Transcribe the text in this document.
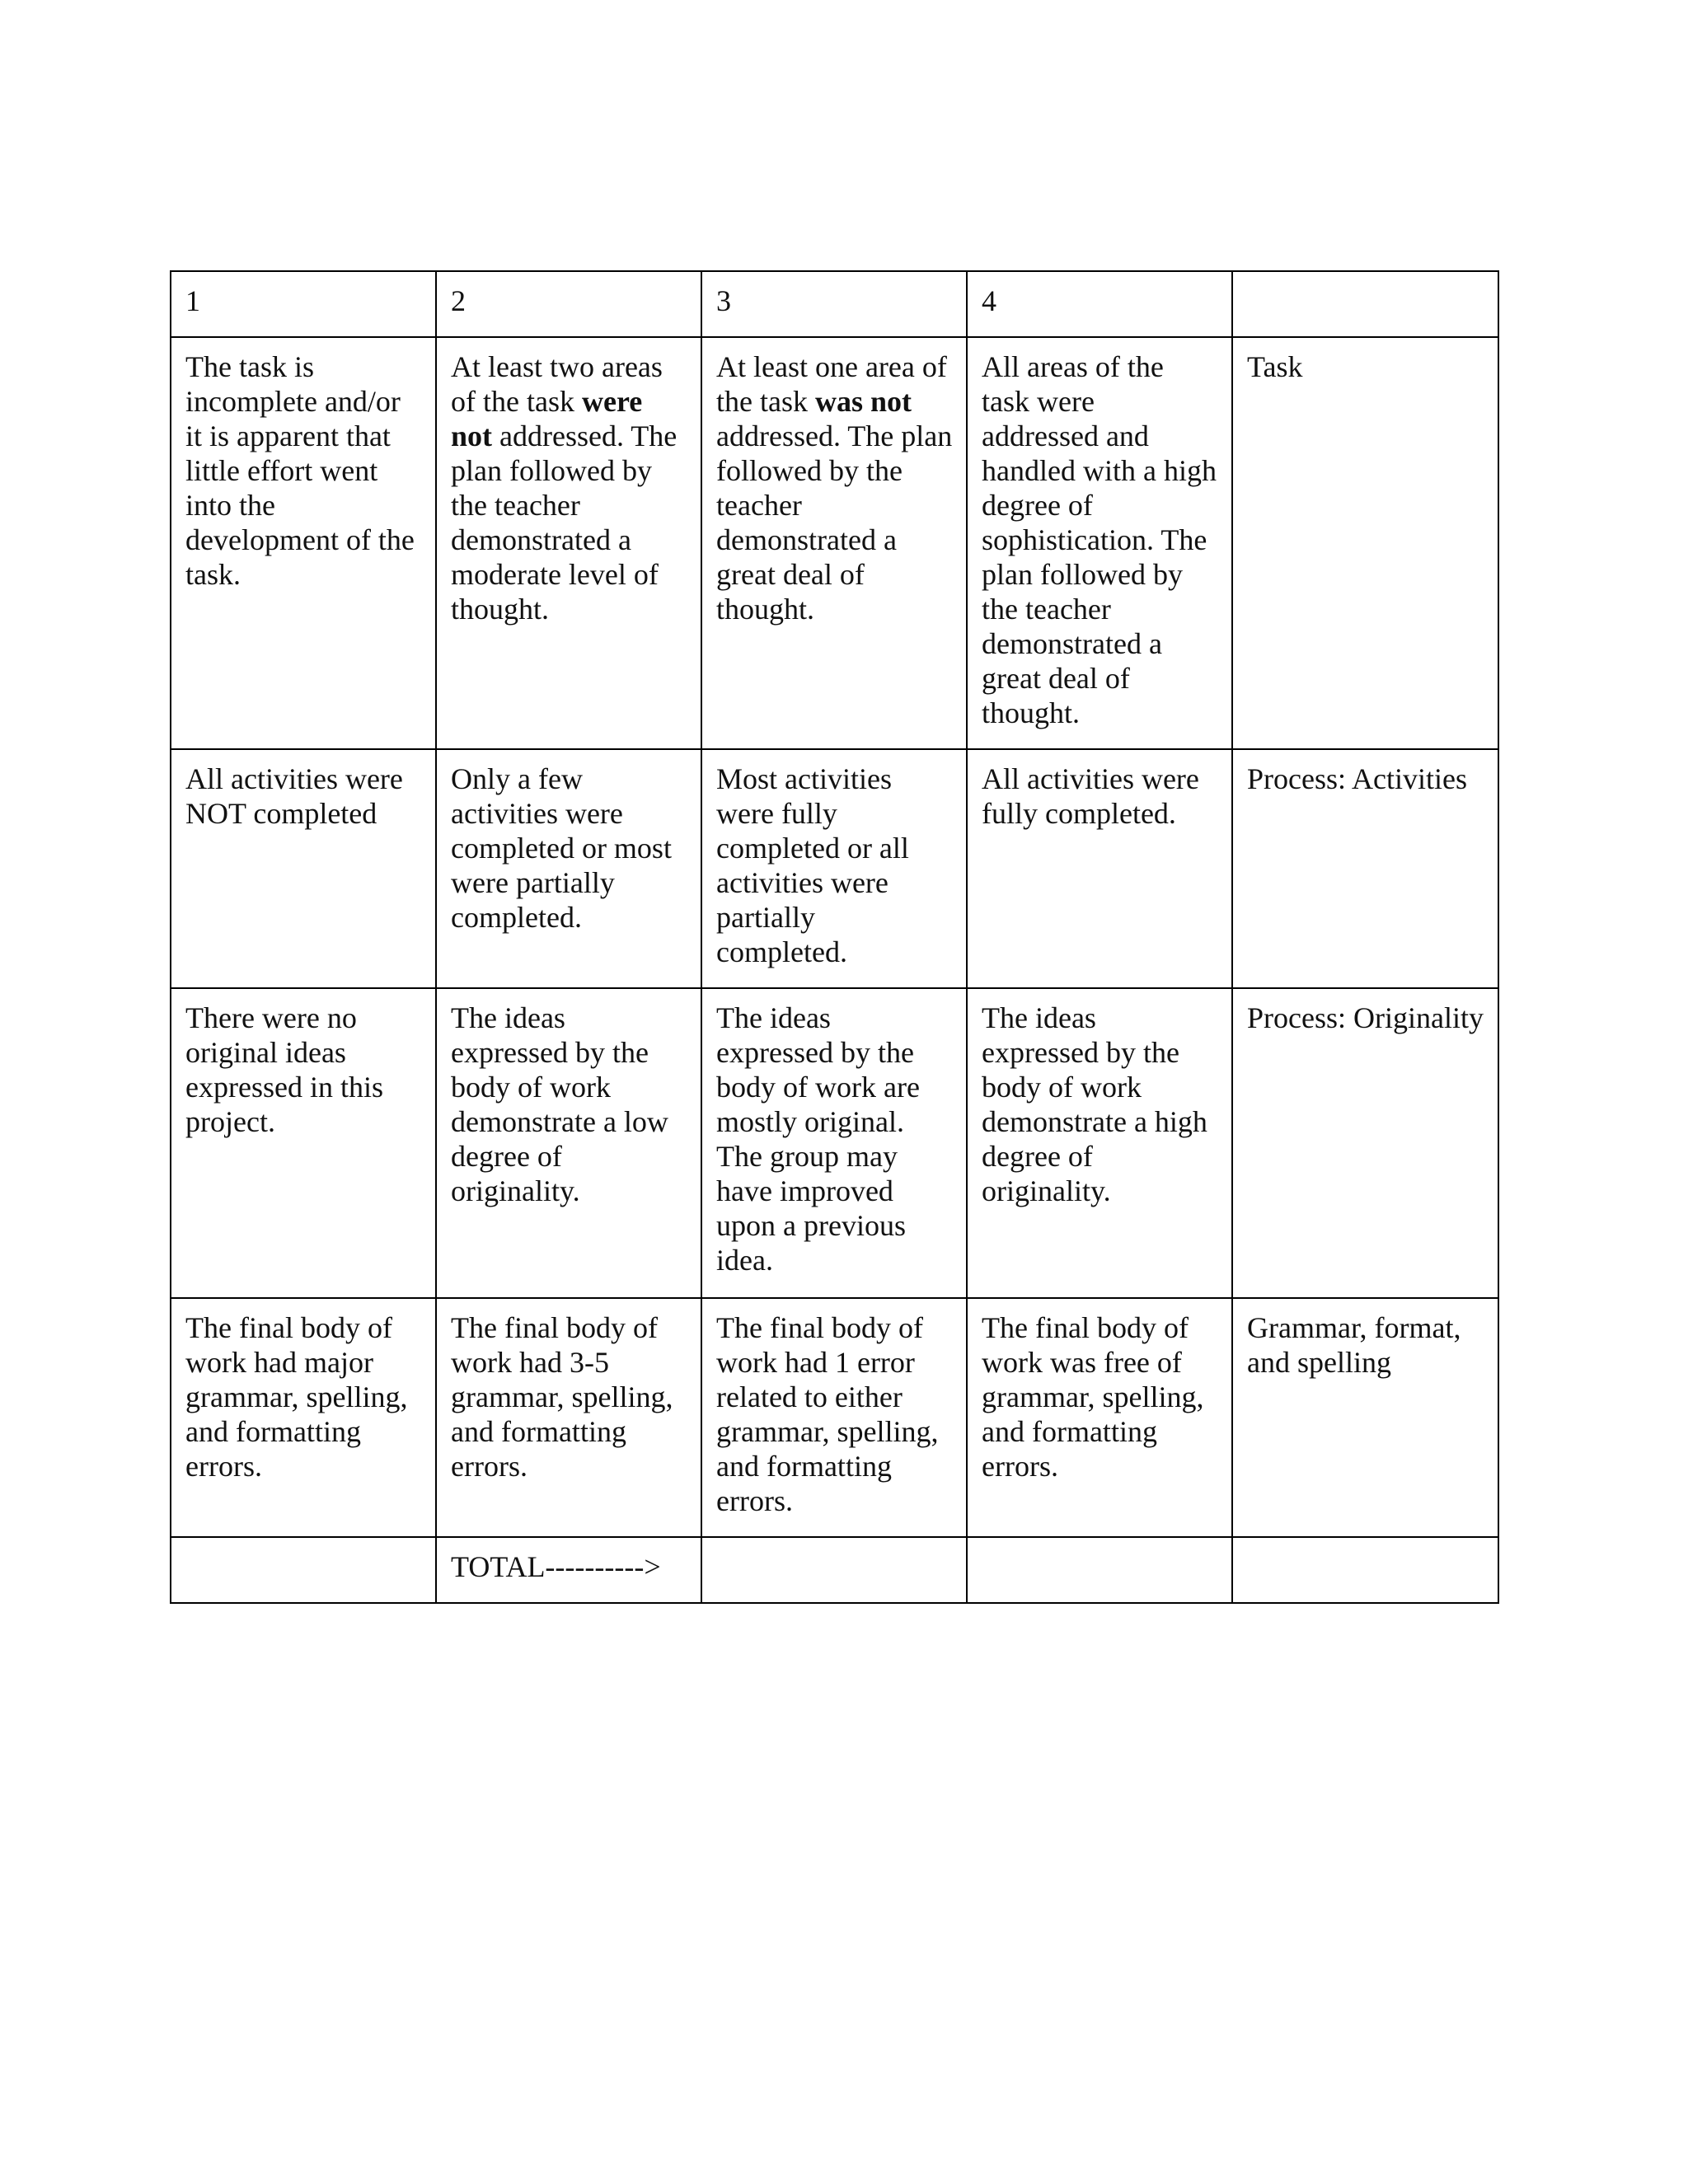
1	2	3	4	
The task is incomplete and/or it is apparent that little effort went into the development of the task.	At least two areas of the task were not addressed. The plan followed by the teacher demonstrated a moderate level of thought.	At least one area of the task was not addressed. The plan followed by the teacher demonstrated a great deal of thought.	All areas of the task were addressed and handled with a high degree of sophistication. The plan followed by the teacher demonstrated a great deal of thought.	Task
All activities were NOT completed	Only a few activities were completed or most were partially completed.	Most activities were fully completed or all activities were partially completed.	All activities were fully completed.	Process: Activities
There were no original ideas expressed in this project.	The ideas expressed by the body of work demonstrate a low degree of originality.	The ideas expressed by the body of work are mostly original. The group may have improved upon a previous idea.	The ideas expressed by the body of work demonstrate a high degree of originality.	Process: Originality
The final body of work had major grammar, spelling, and formatting errors.	The final body of work had 3-5 grammar, spelling, and formatting errors.	The final body of work had 1 error related to either grammar, spelling, and formatting errors.	The final body of work was free of grammar, spelling, and formatting errors.	Grammar, format, and spelling
	TOTAL---------->			
